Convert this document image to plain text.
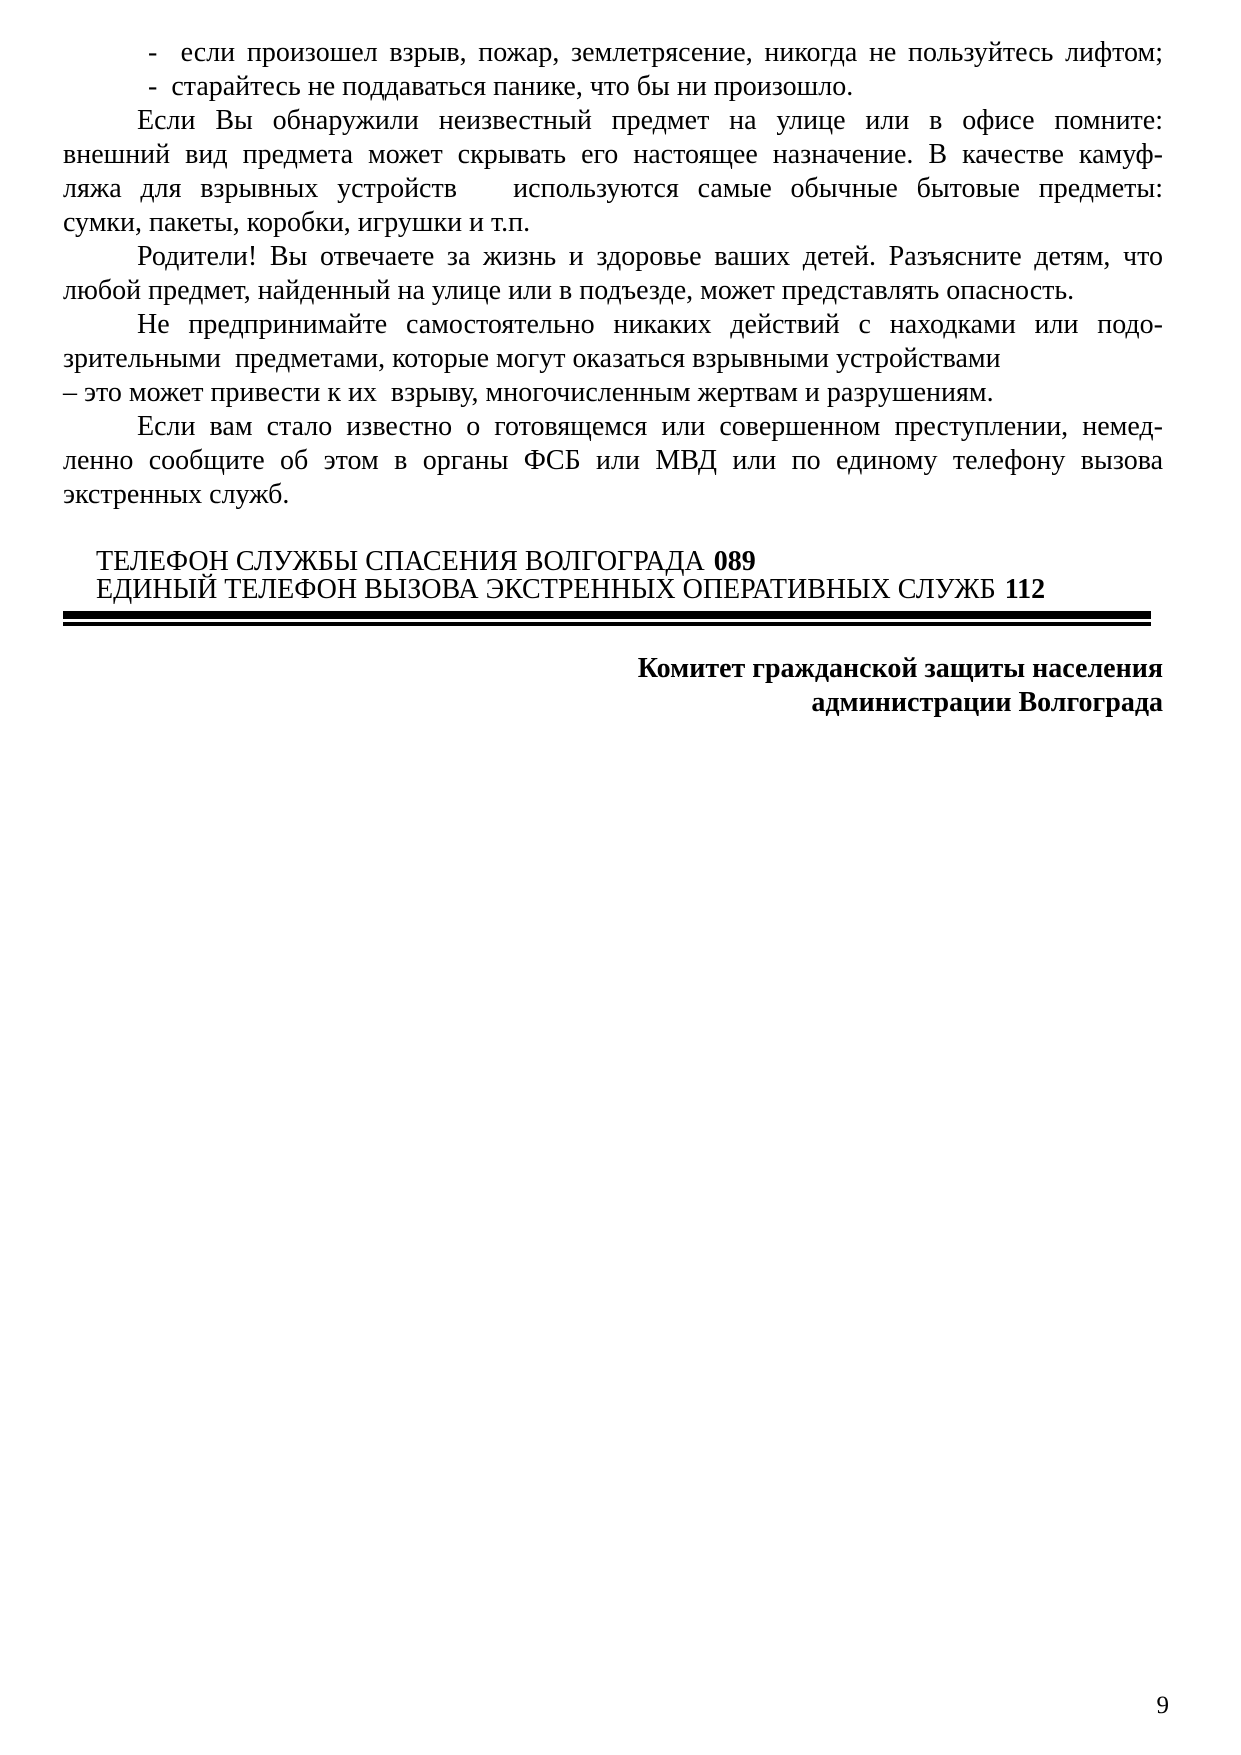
-  если произошел взрыв, пожар, землетрясение, никогда не пользуйтесь лифтом;
-  старайтесь не поддаваться панике, что бы ни произошло.
Если Вы обнаружили неизвестный предмет на улице или в офисе помните:
внешний вид предмета может скрывать его настоящее назначение. В качестве камуф-
ляжа для взрывных устройств   используются самые обычные бытовые предметы:
сумки, пакеты, коробки, игрушки и т.п.
Родители! Вы отвечаете за жизнь и здоровье ваших детей. Разъясните детям, что
любой предмет, найденный на улице или в подъезде, может представлять опасность.
Не предпринимайте самостоятельно никаких действий с находками или подо-
зрительными  предметами, которые могут оказаться взрывными устройствами
– это может привести к их  взрыву, многочисленным жертвам и разрушениям.
Если вам стало известно о готовящемся или совершенном преступлении, немед-
ленно сообщите об этом в органы ФСБ или МВД или по единому телефону вызова
экстренных служб.
ТЕЛЕФОН СЛУЖБЫ СПАСЕНИЯ ВОЛГОГРАДА 089
ЕДИНЫЙ ТЕЛЕФОН ВЫЗОВА ЭКСТРЕННЫХ ОПЕРАТИВНЫХ СЛУЖБ 112
Комитет гражданской защиты населения
администрации Волгограда
9
